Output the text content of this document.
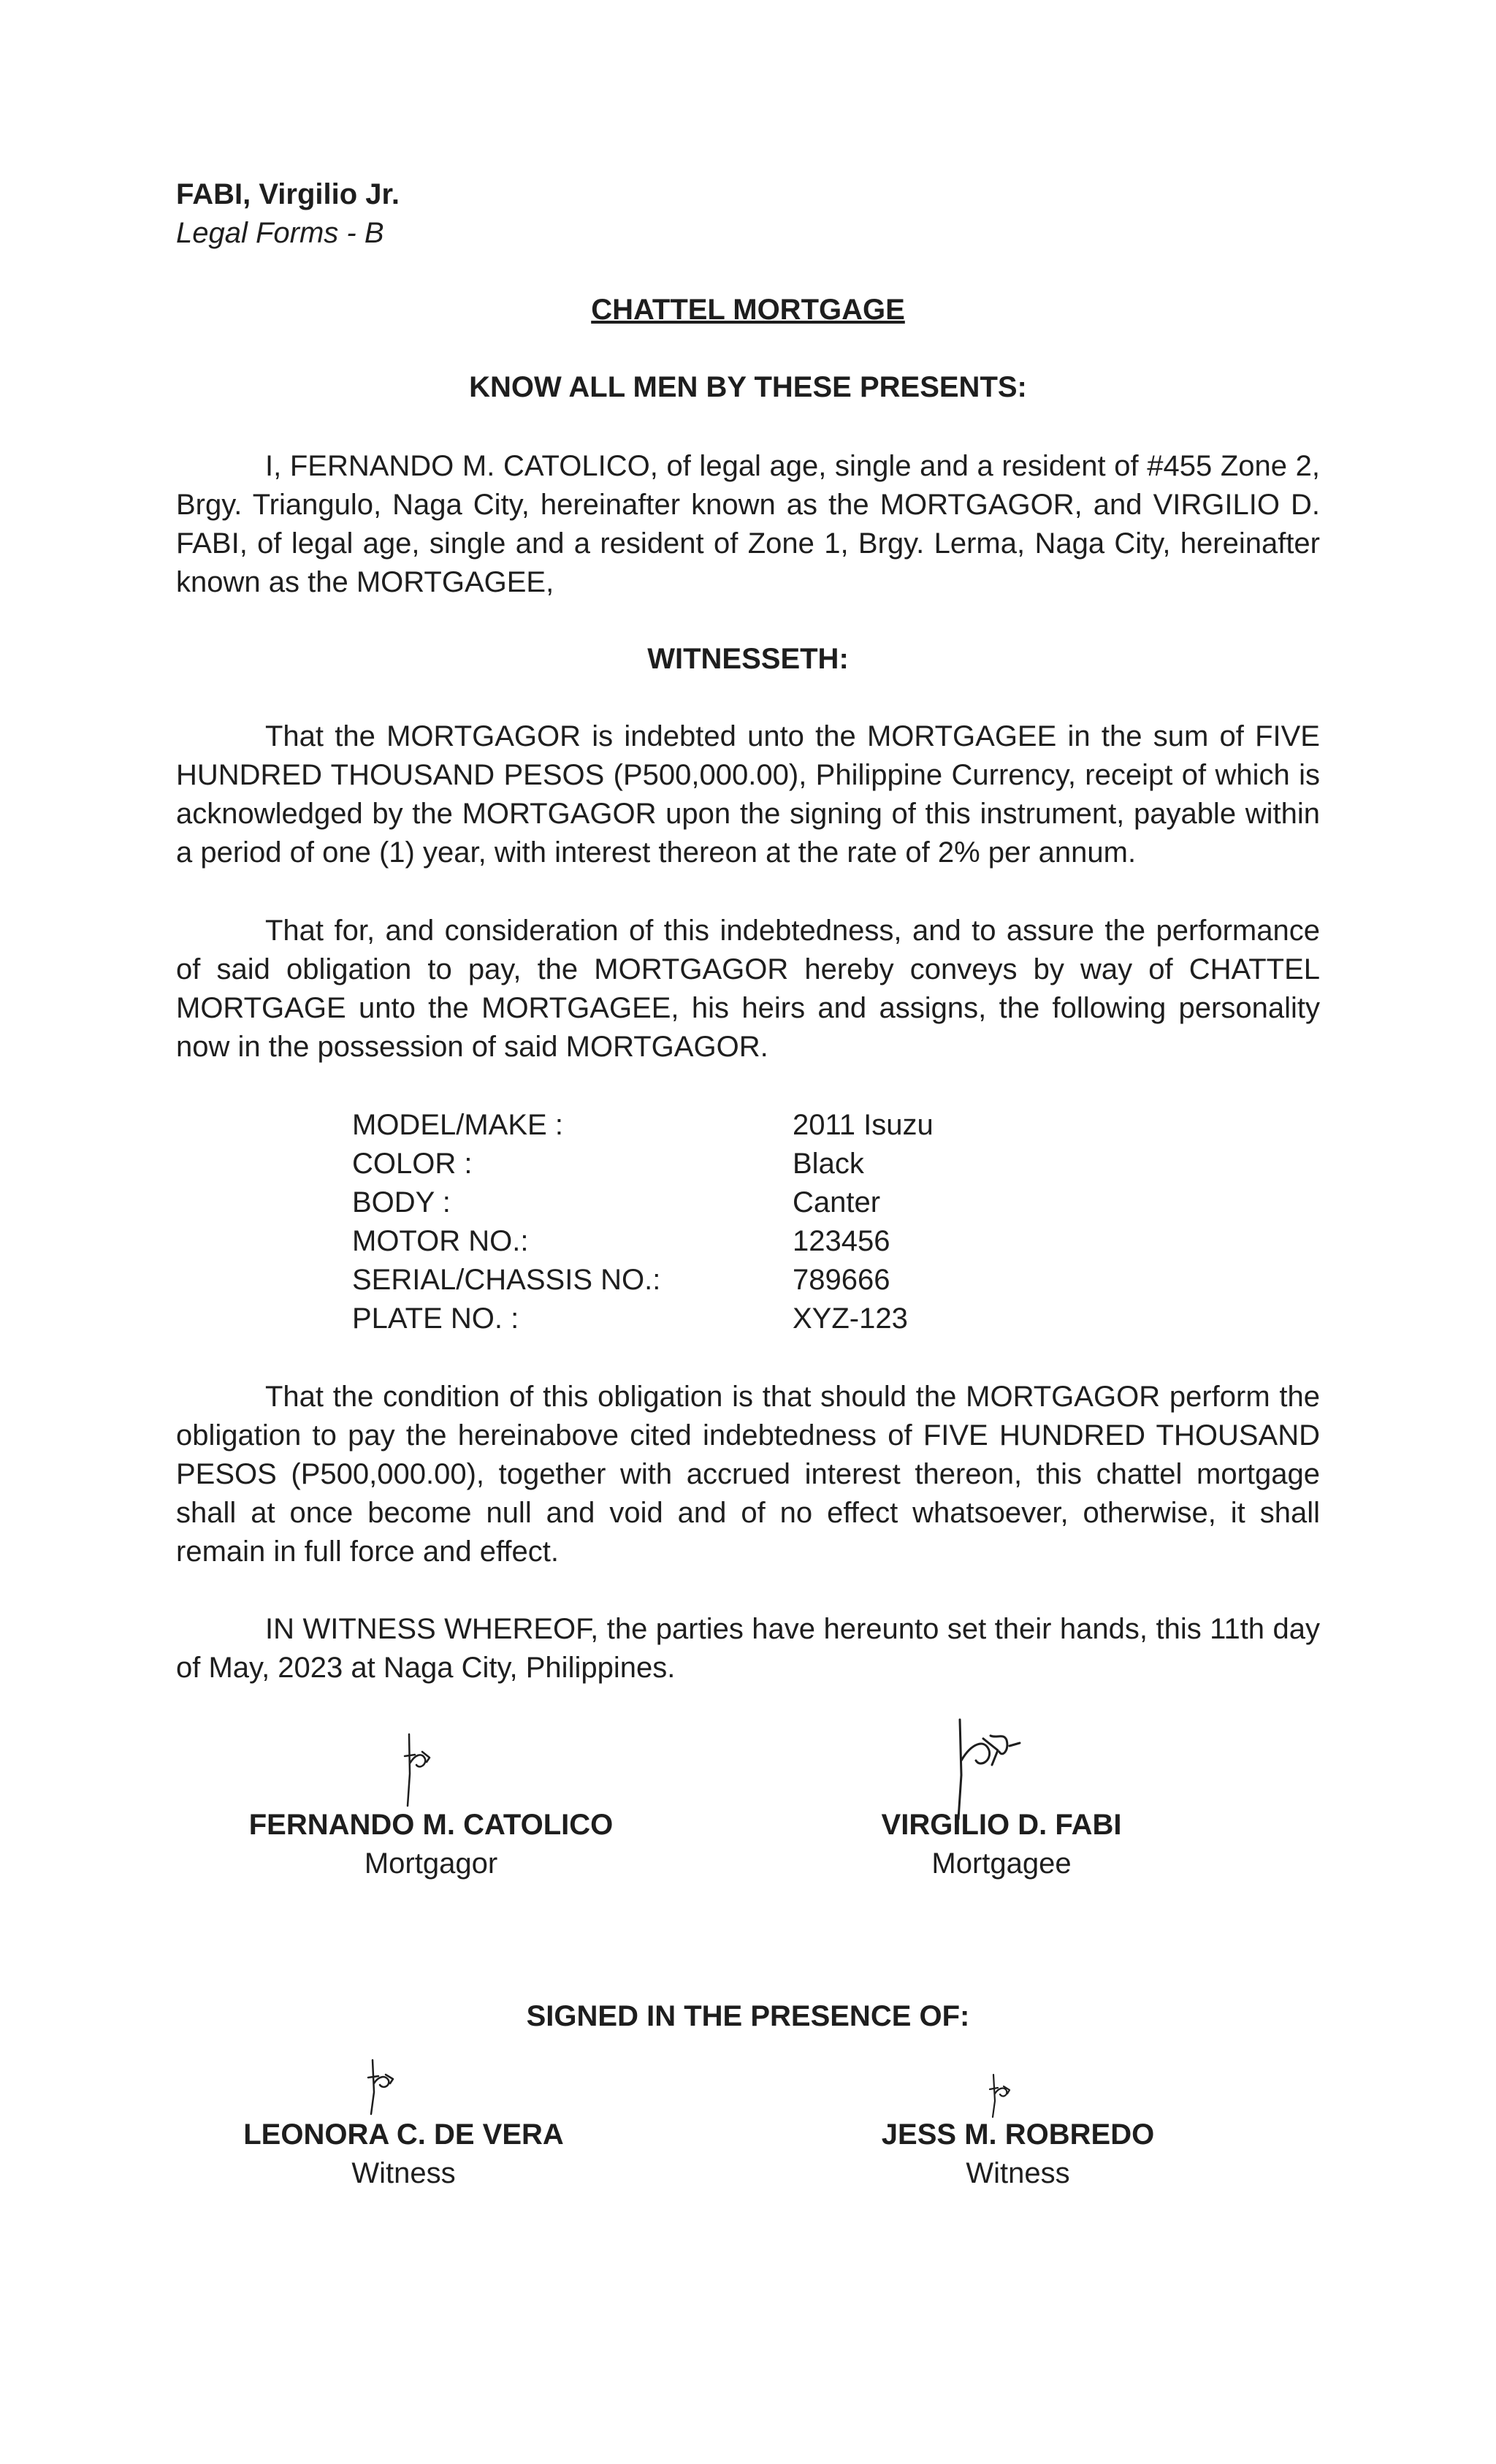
FABI, Virgilio Jr.
Legal Forms - B
CHATTEL MORTGAGE
KNOW ALL MEN BY THESE PRESENTS:

I, FERNANDO M. CATOLICO, of legal age, single and a resident of #455 Zone 2, Brgy. Triangulo, Naga City, hereinafter known as the MORTGAGOR, and VIRGILIO D. FABI, of legal age, single and a resident of Zone 1, Brgy. Lerma, Naga City, hereinafter known as the MORTGAGEE,

WITNESSETH:

That the MORTGAGOR is indebted unto the MORTGAGEE in the sum of FIVE HUNDRED THOUSAND PESOS (P500,000.00), Philippine Currency, receipt of which is acknowledged by the MORTGAGOR upon the signing of this instrument, payable within a period of one (1) year, with interest thereon at the rate of 2% per annum.

That for, and consideration of this indebtedness, and to assure the performance of said obligation to pay, the MORTGAGOR hereby conveys by way of CHATTEL MORTGAGE unto the MORTGAGEE, his heirs and assigns, the following personality now in the possession of said MORTGAGOR.

MODEL/MAKE :	2011 Isuzu
COLOR :	Black
BODY :	Canter
MOTOR NO.:	123456
SERIAL/CHASSIS NO.:	789666
PLATE NO. :	XYZ-123

That the condition of this obligation is that should the MORTGAGOR perform the obligation to pay the hereinabove cited indebtedness of FIVE HUNDRED THOUSAND PESOS (P500,000.00), together with accrued interest thereon, this chattel mortgage shall at once become null and void and of no effect whatsoever, otherwise, it shall remain in full force and effect.

IN WITNESS WHEREOF, the parties have hereunto set their hands, this 11th day of May, 2023 at Naga City, Philippines.

FERNANDO M. CATOLICO
Mortgagor
VIRGILIO D. FABI
Mortgagee
SIGNED IN THE PRESENCE OF:
LEONORA C. DE VERA
Witness
JESS M. ROBREDO
Witness
